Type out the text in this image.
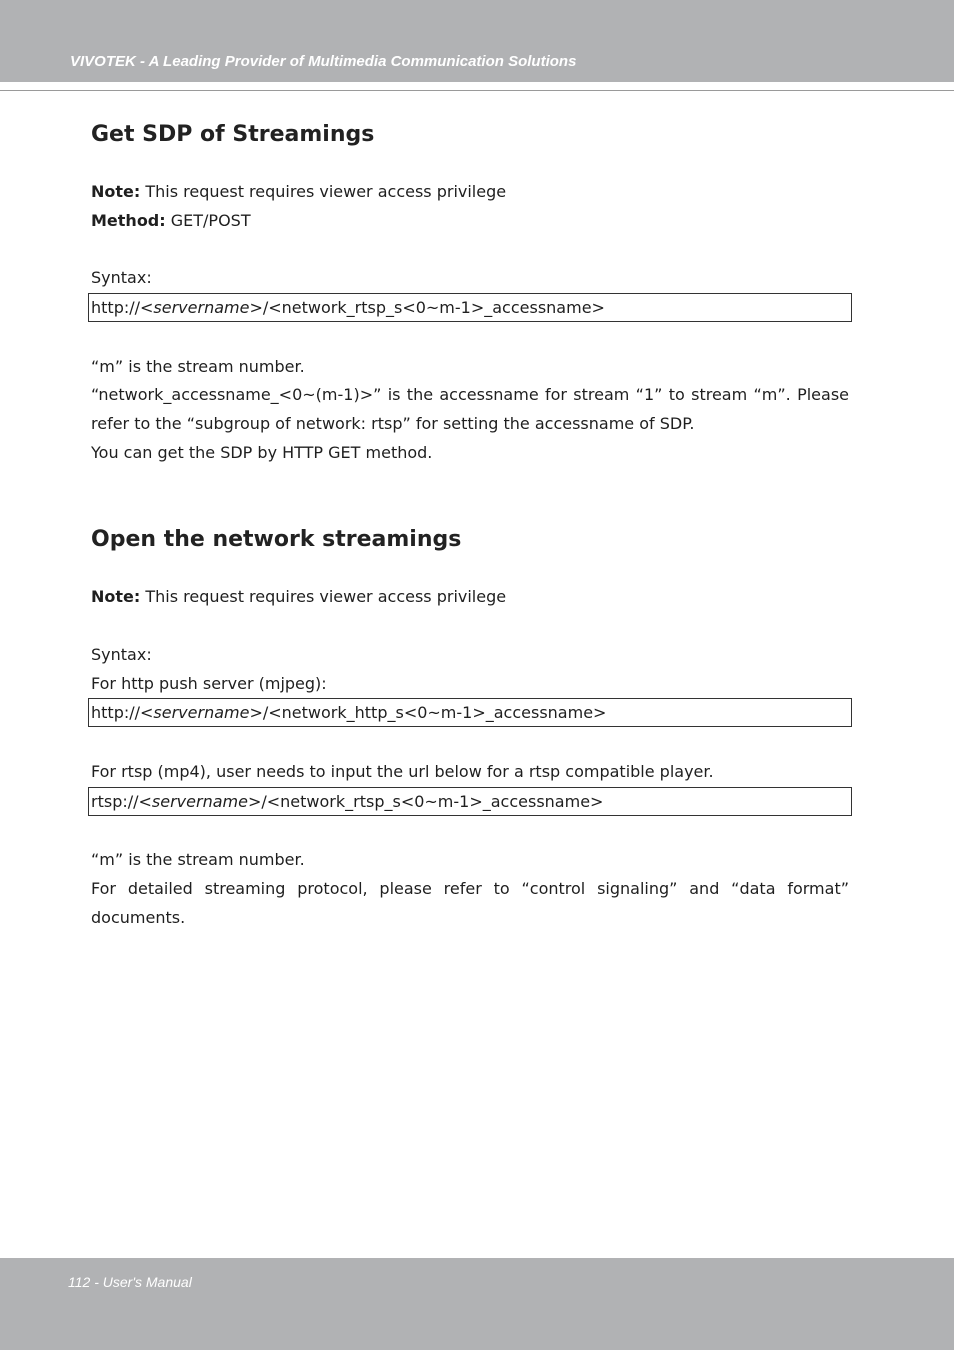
VIVOTEK - A Leading Provider of Multimedia Communication Solutions
Get SDP of Streamings
Note: This request requires viewer access privilege
Method: GET/POST
Syntax:
http://<servername>/<network_rtsp_s<0~m-1>_accessname>
“m” is the stream number.
“network_accessname_<0~(m-1)>” is the accessname for stream “1” to stream “m”. Please
refer to the “subgroup of network: rtsp” for setting the accessname of SDP.
You can get the SDP by HTTP GET method.
Open the network streamings
Note: This request requires viewer access privilege
Syntax:
For http push server (mjpeg):
http://<servername>/<network_http_s<0~m-1>_accessname>
For rtsp (mp4), user needs to input the url below for a rtsp compatible player.
rtsp://<servername>/<network_rtsp_s<0~m-1>_accessname>
“m” is the stream number.
For detailed streaming protocol, please refer to “control signaling” and “data format”
documents.
112 - User's Manual
